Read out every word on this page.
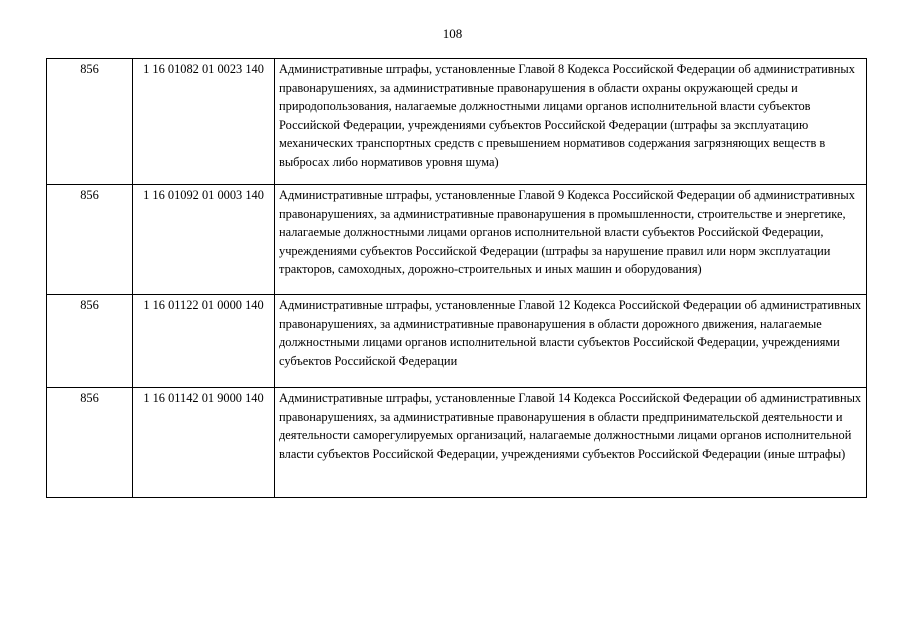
108
856	1 16 01082 01 0023 140	Административные штрафы, установленные Главой 8 Кодекса Российской Федерации об административных правонарушениях, за административные правонарушения в области охраны окружающей среды и природопользования, налагаемые должностными лицами органов исполнительной власти субъектов Российской Федерации, учреждениями субъектов Российской Федерации (штрафы за эксплуатацию механических транспортных средств с превышением нормативов содержания загрязняющих веществ в выбросах либо нормативов уровня шума)
856	1 16 01092 01 0003 140	Административные штрафы, установленные Главой 9 Кодекса Российской Федерации об административных правонарушениях, за административные правонарушения в промышленности, строительстве и энергетике, налагаемые должностными лицами органов исполнительной власти субъектов Российской Федерации, учреждениями субъектов Российской Федерации (штрафы за нарушение правил или норм эксплуатации тракторов, самоходных, дорожно-строительных и иных машин и оборудования)
856	1 16 01122 01 0000 140	Административные штрафы, установленные Главой 12 Кодекса Российской Федерации об административных правонарушениях, за административные правонарушения в области дорожного движения, налагаемые должностными лицами органов исполнительной власти субъектов Российской Федерации, учреждениями субъектов Российской Федерации
856	1 16 01142 01 9000 140	Административные штрафы, установленные Главой 14 Кодекса Российской Федерации об административных правонарушениях, за административные правонарушения в области предпринимательской деятельности и деятельности саморегулируемых организаций, налагаемые должностными лицами органов исполнительной власти субъектов Российской Федерации, учреждениями субъектов Российской Федерации (иные штрафы)
